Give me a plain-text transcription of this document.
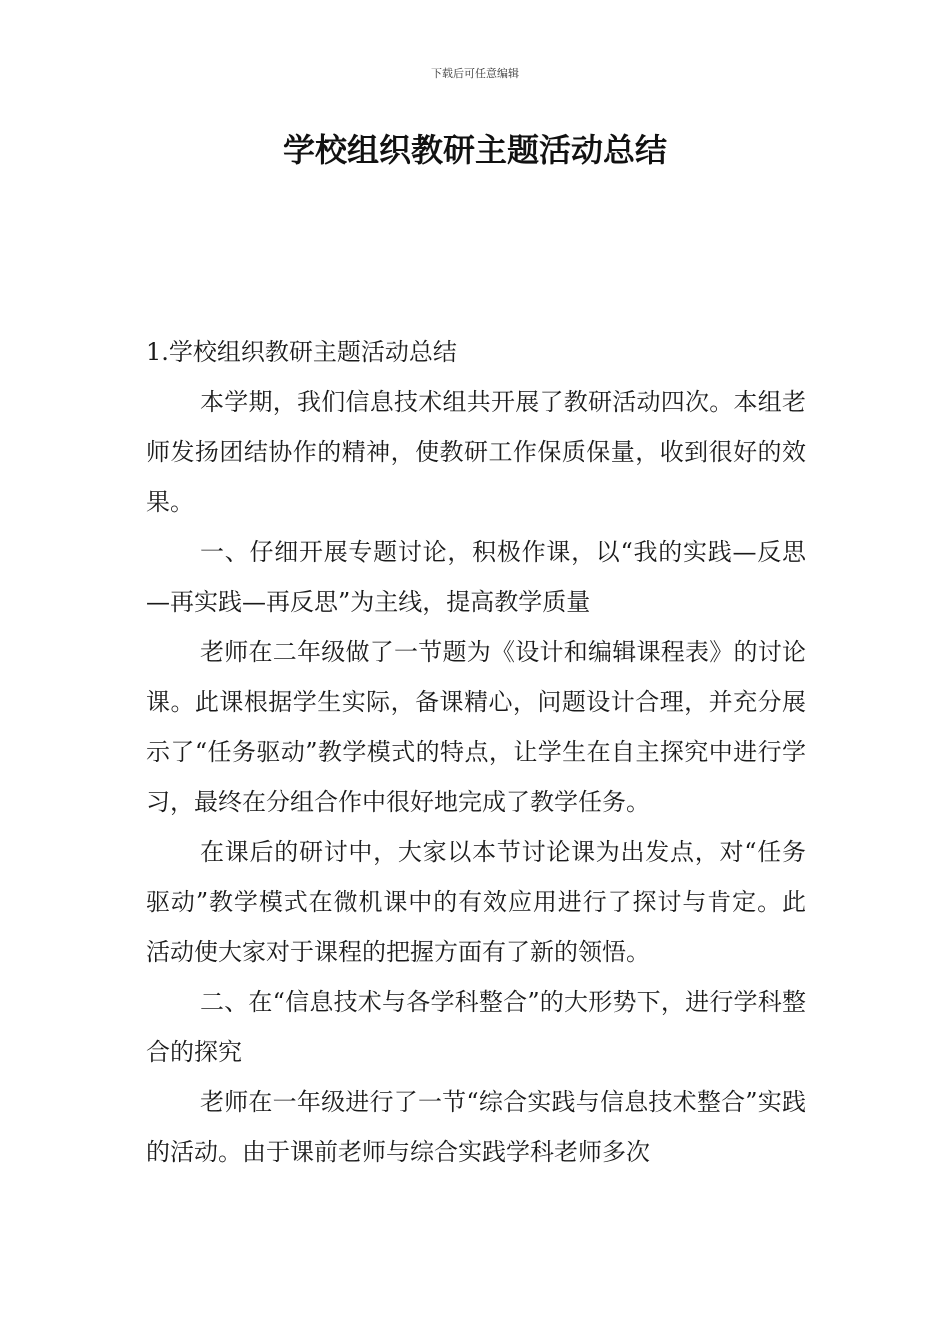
下载后可任意编辑
学校组织教研主题活动总结

1.学校组织教研主题活动总结

本学期，我们信息技术组共开展了教研活动四次。本组老师发扬团结协作的精神，使教研工作保质保量，收到很好的效果。

一、仔细开展专题讨论，积极作课，以“我的实践—反思—再实践—再反思”为主线，提高教学质量

老师在二年级做了一节题为《设计和编辑课程表》的讨论课。此课根据学生实际，备课精心，问题设计合理，并充分展示了“任务驱动”教学模式的特点，让学生在自主探究中进行学习，最终在分组合作中很好地完成了教学任务。

在课后的研讨中，大家以本节讨论课为出发点，对“任务驱动”教学模式在微机课中的有效应用进行了探讨与肯定。此活动使大家对于课程的把握方面有了新的领悟。

二、在“信息技术与各学科整合”的大形势下，进行学科整合的探究

老师在一年级进行了一节“综合实践与信息技术整合”实践的活动。由于课前老师与综合实践学科老师多次
